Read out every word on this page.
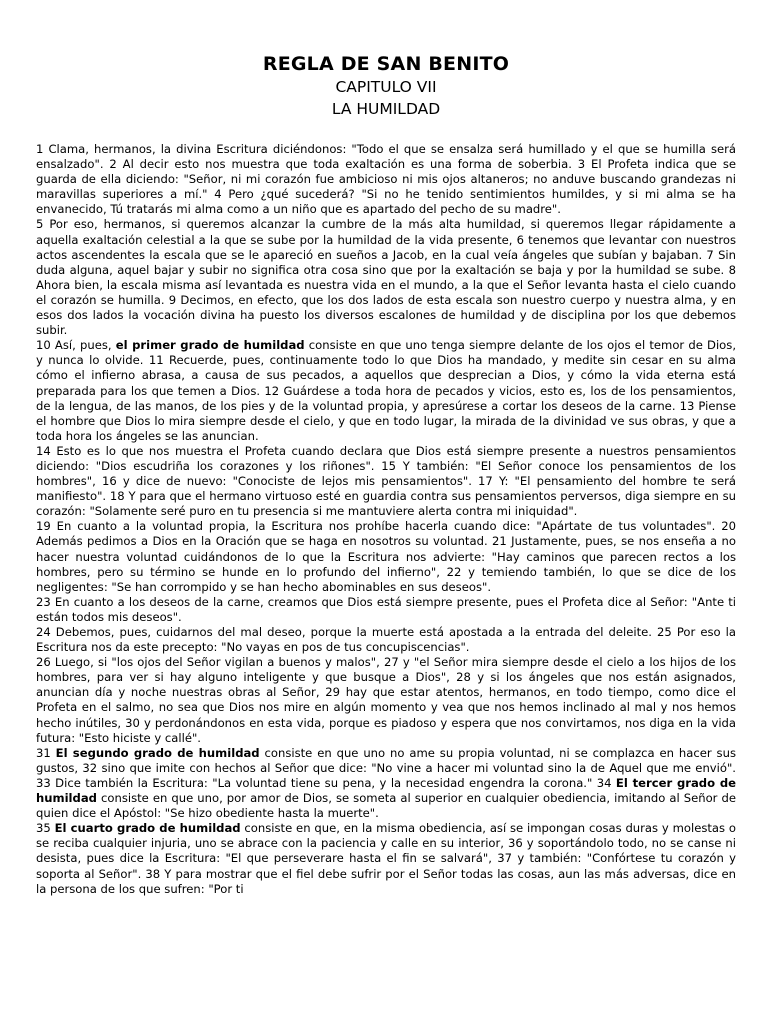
REGLA DE SAN BENITO
CAPITULO VII
LA HUMILDAD

1 Clama, hermanos, la divina Escritura diciéndonos: "Todo el que se ensalza será humillado y el que se humilla será ensalzado". 2 Al decir esto nos muestra que toda exaltación es una forma de soberbia. 3 El Profeta indica que se guarda de ella diciendo: "Señor, ni mi corazón fue ambicioso ni mis ojos altaneros; no anduve buscando grandezas ni maravillas superiores a mí." 4 Pero ¿qué sucederá? "Si no he tenido sentimientos humildes, y si mi alma se ha envanecido, Tú tratarás mi alma como a un niño que es apartado del pecho de su madre".

5 Por eso, hermanos, si queremos alcanzar la cumbre de la más alta humildad, si queremos llegar rápidamente a aquella exaltación celestial a la que se sube por la humildad de la vida presente, 6 tenemos que levantar con nuestros actos ascendentes la escala que se le apareció en sueños a Jacob, en la cual veía ángeles que subían y bajaban. 7 Sin duda alguna, aquel bajar y subir no significa otra cosa sino que por la exaltación se baja y por la humildad se sube. 8 Ahora bien, la escala misma así levantada es nuestra vida en el mundo, a la que el Señor levanta hasta el cielo cuando el corazón se humilla. 9 Decimos, en efecto, que los dos lados de esta escala son nuestro cuerpo y nuestra alma, y en esos dos lados la vocación divina ha puesto los diversos escalones de humildad y de disciplina por los que debemos subir.

10 Así, pues, el primer grado de humildad consiste en que uno tenga siempre delante de los ojos el temor de Dios, y nunca lo olvide. 11 Recuerde, pues, continuamente todo lo que Dios ha mandado, y medite sin cesar en su alma cómo el infierno abrasa, a causa de sus pecados, a aquellos que desprecian a Dios, y cómo la vida eterna está preparada para los que temen a Dios. 12 Guárdese a toda hora de pecados y vicios, esto es, los de los pensamientos, de la lengua, de las manos, de los pies y de la voluntad propia, y apresúrese a cortar los deseos de la carne. 13 Piense el hombre que Dios lo mira siempre desde el cielo, y que en todo lugar, la mirada de la divinidad ve sus obras, y que a toda hora los ángeles se las anuncian.

14 Esto es lo que nos muestra el Profeta cuando declara que Dios está siempre presente a nuestros pensamientos diciendo: "Dios escudriña los corazones y los riñones". 15 Y también: "El Señor conoce los pensamientos de los hombres", 16 y dice de nuevo: "Conociste de lejos mis pensamientos". 17 Y: "El pensamiento del hombre te será manifiesto". 18 Y para que el hermano virtuoso esté en guardia contra sus pensamientos perversos, diga siempre en su corazón: "Solamente seré puro en tu presencia si me mantuviere alerta contra mi iniquidad".

19 En cuanto a la voluntad propia, la Escritura nos prohíbe hacerla cuando dice: "Apártate de tus voluntades". 20 Además pedimos a Dios en la Oración que se haga en nosotros su voluntad. 21 Justamente, pues, se nos enseña a no hacer nuestra voluntad cuidándonos de lo que la Escritura nos advierte: "Hay caminos que parecen rectos a los hombres, pero su término se hunde en lo profundo del infierno", 22 y temiendo también, lo que se dice de los negligentes: "Se han corrompido y se han hecho abominables en sus deseos".

23 En cuanto a los deseos de la carne, creamos que Dios está siempre presente, pues el Profeta dice al Señor: "Ante ti están todos mis deseos".

24 Debemos, pues, cuidarnos del mal deseo, porque la muerte está apostada a la entrada del deleite. 25 Por eso la Escritura nos da este precepto: "No vayas en pos de tus concupiscencias".

26 Luego, si "los ojos del Señor vigilan a buenos y malos", 27 y "el Señor mira siempre desde el cielo a los hijos de los hombres, para ver si hay alguno inteligente y que busque a Dios", 28 y si los ángeles que nos están asignados, anuncian día y noche nuestras obras al Señor, 29 hay que estar atentos, hermanos, en todo tiempo, como dice el Profeta en el salmo, no sea que Dios nos mire en algún momento y vea que nos hemos inclinado al mal y nos hemos hecho inútiles, 30 y perdonándonos en esta vida, porque es piadoso y espera que nos convirtamos, nos diga en la vida futura: "Esto hiciste y callé".

31 El segundo grado de humildad consiste en que uno no ame su propia voluntad, ni se complazca en hacer sus gustos, 32 sino que imite con hechos al Señor que dice: "No vine a hacer mi voluntad sino la de Aquel que me envió". 33 Dice también la Escritura: "La voluntad tiene su pena, y la necesidad engendra la corona." 34 El tercer grado de humildad consiste en que uno, por amor de Dios, se someta al superior en cualquier obediencia, imitando al Señor de quien dice el Apóstol: "Se hizo obediente hasta la muerte".

35 El cuarto grado de humildad consiste en que, en la misma obediencia, así se impongan cosas duras y molestas o se reciba cualquier injuria, uno se abrace con la paciencia y calle en su interior, 36 y soportándolo todo, no se canse ni desista, pues dice la Escritura: "El que perseverare hasta el fin se salvará", 37 y también: "Confórtese tu corazón y soporta al Señor". 38 Y para mostrar que el fiel debe sufrir por el Señor todas las cosas, aun las más adversas, dice en la persona de los que sufren: "Por ti
